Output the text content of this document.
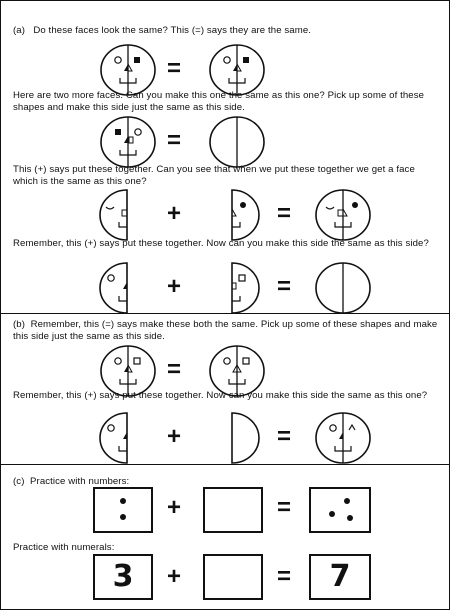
(a) Do these faces look the same? This (=) says they are the same.
=
Here are two more faces. Can you make this one the same as this one? Pick up some of these shapes and make this side just the same as this side.
=
This (+) says put these together. Can you see that when we put these together we get a face which is the same as this one?
+	=
Remember, this (+) says put these together. Now can you make this side the same as this side?
+	=
(b) Remember, this (=) says make these both the same. Pick up some of these shapes and make this side just the same as this side.
=
Remember, this (+) says put these together. Now can you make this side the same as this one?
+	=
(c) Practice with numbers:
+	=
Practice with numerals:
3	+	=	7
